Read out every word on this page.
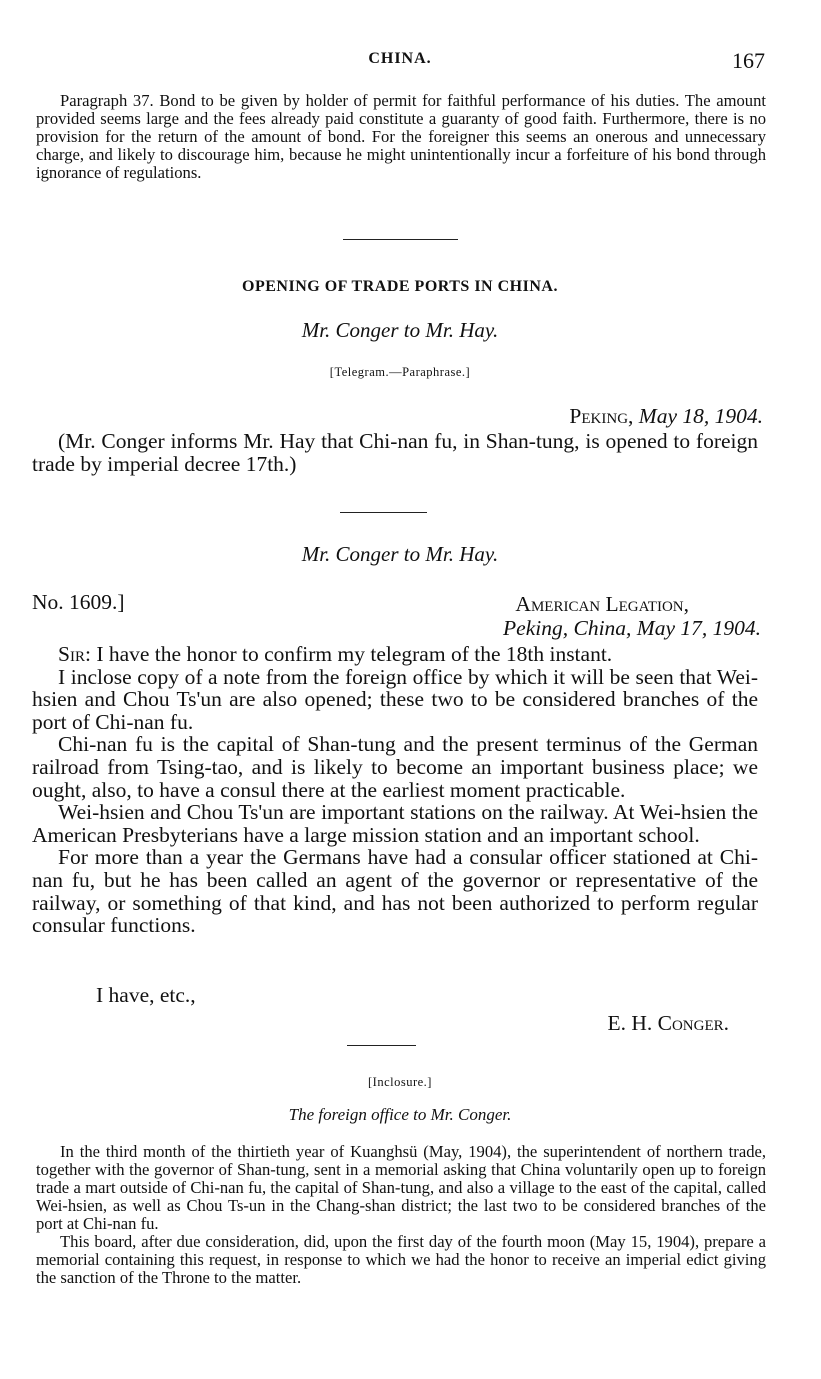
CHINA.	167

Paragraph 37. Bond to be given by holder of permit for faithful performance of his duties. The amount provided seems large and the fees already paid constitute a guaranty of good faith. Furthermore, there is no provision for the return of the amount of bond. For the foreigner this seems an onerous and unnecessary charge, and likely to discourage him, because he might unintentionally incur a forfeiture of his bond through ignorance of regulations.

OPENING OF TRADE PORTS IN CHINA.
Mr. Conger to Mr. Hay.
[Telegram.—Paraphrase.]
Peking, May 18, 1904.

(Mr. Conger informs Mr. Hay that Chi-nan fu, in Shan-tung, is opened to foreign trade by imperial decree 17th.)

Mr. Conger to Mr. Hay.
No. 1609.]	American Legation,
Peking, China, May 17, 1904.

Sir: I have the honor to confirm my telegram of the 18th instant.

I inclose copy of a note from the foreign office by which it will be seen that Wei-hsien and Chou Ts'un are also opened; these two to be considered branches of the port of Chi-nan fu.

Chi-nan fu is the capital of Shan-tung and the present terminus of the German railroad from Tsing-tao, and is likely to become an important business place; we ought, also, to have a consul there at the earliest moment practicable.

Wei-hsien and Chou Ts'un are important stations on the railway. At Wei-hsien the American Presbyterians have a large mission station and an important school.

For more than a year the Germans have had a consular officer stationed at Chi-nan fu, but he has been called an agent of the governor or representative of the railway, or something of that kind, and has not been authorized to perform regular consular functions.

I have, etc.,
E. H. Conger.
[Inclosure.]
The foreign office to Mr. Conger.

In the third month of the thirtieth year of Kuanghsü (May, 1904), the superintendent of northern trade, together with the governor of Shan-tung, sent in a memorial asking that China voluntarily open up to foreign trade a mart outside of Chi-nan fu, the capital of Shan-tung, and also a village to the east of the capital, called Wei-hsien, as well as Chou Ts-un in the Chang-shan district; the last two to be considered branches of the port at Chi-nan fu.

This board, after due consideration, did, upon the first day of the fourth moon (May 15, 1904), prepare a memorial containing this request, in response to which we had the honor to receive an imperial edict giving the sanction of the Throne to the matter.
